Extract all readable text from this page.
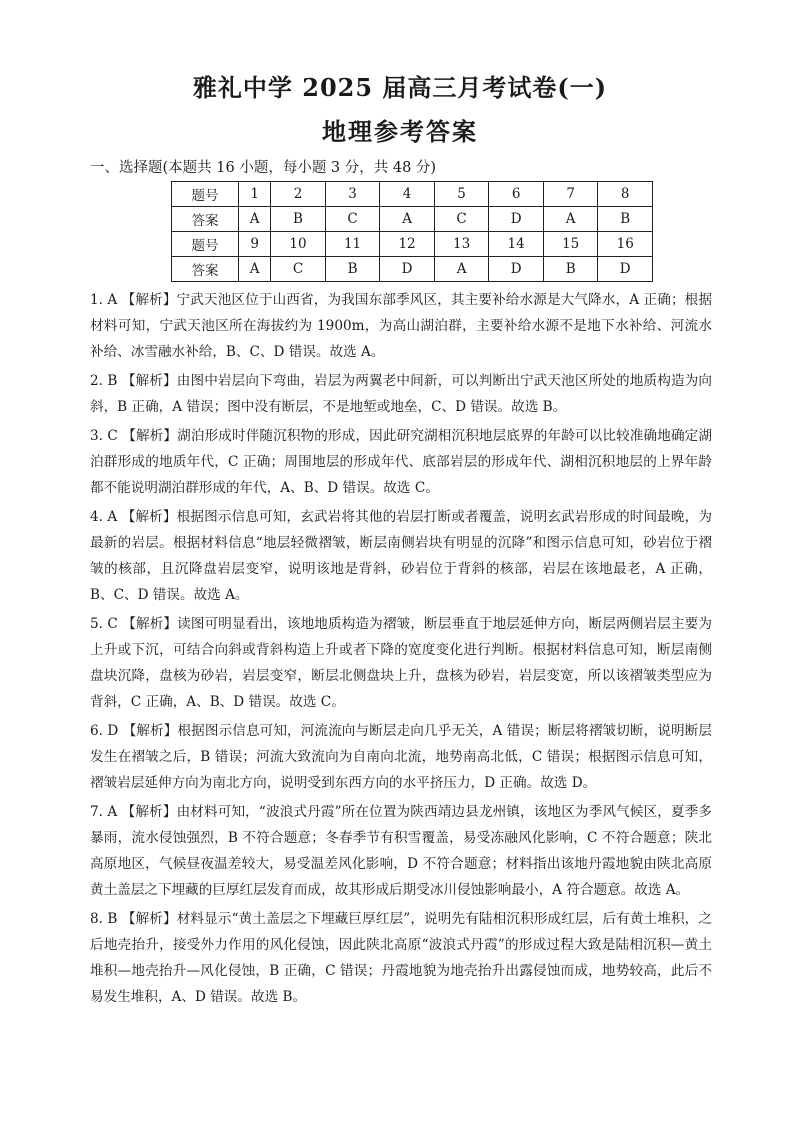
雅礼中学 2025 届高三月考试卷(一)
地理参考答案
一、选择题(本题共 16 小题，每小题 3 分，共 48 分)
题号	1	2	3	4	5	6	7	8
答案	A	B	C	A	C	D	A	B
题号	9	10	11	12	13	14	15	16
答案	A	C	B	D	A	D	B	D

1. A 【解析】宁武天池区位于山西省，为我国东部季风区，其主要补给水源是大气降水，A 正确；根据材料可知，宁武天池区所在海拔约为 1900m，为高山湖泊群，主要补给水源不是地下水补给、河流水补给、冰雪融水补给，B、C、D 错误。故选 A。

2. B 【解析】由图中岩层向下弯曲，岩层为两翼老中间新，可以判断出宁武天池区所处的地质构造为向斜，B 正确，A 错误；图中没有断层，不是地堑或地垒，C、D 错误。故选 B。

3. C 【解析】湖泊形成时伴随沉积物的形成，因此研究湖相沉积地层底界的年龄可以比较准确地确定湖泊群形成的地质年代，C 正确；周围地层的形成年代、底部岩层的形成年代、湖相沉积地层的上界年龄都不能说明湖泊群形成的年代，A、B、D 错误。故选 C。

4. A 【解析】根据图示信息可知，玄武岩将其他的岩层打断或者覆盖，说明玄武岩形成的时间最晚，为最新的岩层。根据材料信息“地层轻微褶皱，断层南侧岩块有明显的沉降”和图示信息可知，砂岩位于褶皱的核部，且沉降盘岩层变窄，说明该地是背斜，砂岩位于背斜的核部，岩层在该地最老，A 正确，B、C、D 错误。故选 A。

5. C 【解析】读图可明显看出，该地地质构造为褶皱，断层垂直于地层延伸方向，断层两侧岩层主要为上升或下沉，可结合向斜或背斜构造上升或者下降的宽度变化进行判断。根据材料信息可知，断层南侧盘块沉降，盘核为砂岩，岩层变窄，断层北侧盘块上升，盘核为砂岩，岩层变宽，所以该褶皱类型应为背斜，C 正确，A、B、D 错误。故选 C。

6. D 【解析】根据图示信息可知，河流流向与断层走向几乎无关，A 错误；断层将褶皱切断，说明断层发生在褶皱之后，B 错误；河流大致流向为自南向北流，地势南高北低，C 错误；根据图示信息可知，褶皱岩层延伸方向为南北方向，说明受到东西方向的水平挤压力，D 正确。故选 D。

7. A 【解析】由材料可知，“波浪式丹霞”所在位置为陕西靖边县龙州镇，该地区为季风气候区，夏季多暴雨，流水侵蚀强烈，B 不符合题意；冬春季节有积雪覆盖，易受冻融风化影响，C 不符合题意；陕北高原地区，气候昼夜温差较大，易受温差风化影响，D 不符合题意；材料指出该地丹霞地貌由陕北高原黄土盖层之下埋藏的巨厚红层发育而成，故其形成后期受冰川侵蚀影响最小，A 符合题意。故选 A。

8. B 【解析】材料显示“黄土盖层之下埋藏巨厚红层”，说明先有陆相沉积形成红层，后有黄土堆积，之后地壳抬升，接受外力作用的风化侵蚀，因此陕北高原“波浪式丹霞”的形成过程大致是陆相沉积—黄土堆积—地壳抬升—风化侵蚀，B 正确，C 错误；丹霞地貌为地壳抬升出露侵蚀而成，地势较高，此后不易发生堆积，A、D 错误。故选 B。
